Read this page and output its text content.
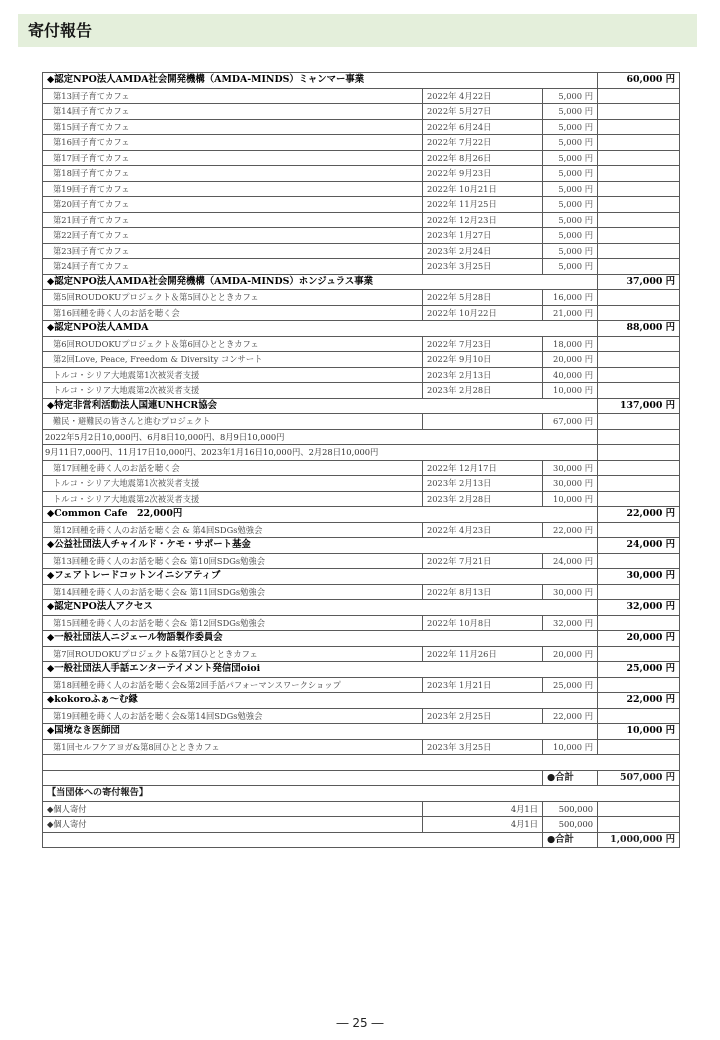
寄付報告
◆認定NPO法人AMDA社会開発機構（AMDA-MINDS）ミャンマー事業			60,000 円
第13回子育てカフェ	2022年 4月22日	5,000 円	
第14回子育てカフェ	2022年 5月27日	5,000 円	
第15回子育てカフェ	2022年 6月24日	5,000 円	
第16回子育てカフェ	2022年 7月22日	5,000 円	
第17回子育てカフェ	2022年 8月26日	5,000 円	
第18回子育てカフェ	2022年 9月23日	5,000 円	
第19回子育てカフェ	2022年 10月21日	5,000 円	
第20回子育てカフェ	2022年 11月25日	5,000 円	
第21回子育てカフェ	2022年 12月23日	5,000 円	
第22回子育てカフェ	2023年 1月27日	5,000 円	
第23回子育てカフェ	2023年 2月24日	5,000 円	
第24回子育てカフェ	2023年 3月25日	5,000 円	
◆認定NPO法人AMDA社会開発機構（AMDA-MINDS）ホンジュラス事業			37,000 円
第5回ROUDOKUプロジェクト＆第5回ひとときカフェ	2022年 5月28日	16,000 円	
第16回種を蒔く人のお話を聴く会	2022年 10月22日	21,000 円	
◆認定NPO法人AMDA			88,000 円
第6回ROUDOKUプロジェクト＆第6回ひとときカフェ	2022年 7月23日	18,000 円	
第2回Love, Peace, Freedom & Diversity コンサート	2022年 9月10日	20,000 円	
トルコ・シリア大地震第1次被災者支援	2023年 2月13日	40,000 円	
トルコ・シリア大地震第2次被災者支援	2023年 2月28日	10,000 円	
◆特定非営利活動法人国連UNHCR協会			137,000 円
難民・避難民の皆さんと進むプロジェクト		67,000 円	
2022年5月2日10,000円、6月8日10,000円、8月9日10,000円			
9月11日7,000円、11月17日10,000円、2023年1月16日10,000円、2月28日10,000円			
第17回種を蒔く人のお話を聴く会	2022年 12月17日	30,000 円	
トルコ・シリア大地震第1次被災者支援	2023年 2月13日	30,000 円	
トルコ・シリア大地震第2次被災者支援	2023年 2月28日	10,000 円	
◆Common Cafe　22,000円			22,000 円
第12回種を蒔く人のお話を聴く会 & 第4回SDGs勉強会	2022年 4月23日	22,000 円	
◆公益社団法人チャイルド・ケモ・サポート基金			24,000 円
第13回種を蒔く人のお話を聴く会& 第10回SDGs勉強会	2022年 7月21日	24,000 円	
◆フェアトレードコットンイニシアティブ			30,000 円
第14回種を蒔く人のお話を聴く会& 第11回SDGs勉強会	2022年 8月13日	30,000 円	
◆認定NPO法人アクセス			32,000 円
第15回種を蒔く人のお話を聴く会& 第12回SDGs勉強会	2022年 10月8日	32,000 円	
◆一般社団法人ニジェール物語製作委員会			20,000 円
第7回ROUDOKUプロジェクト&第7回ひとときカフェ	2022年 11月26日	20,000 円	
◆一般社団法人手話エンターテイメント発信団oioi			25,000 円
第18回種を蒔く人のお話を聴く会&第2回手話パフォーマンスワークショップ	2023年 1月21日	25,000 円	
◆kokoroふぁ～む縁			22,000 円
第19回種を蒔く人のお話を聴く会&第14回SDGs勉強会	2023年 2月25日	22,000 円	
◆国境なき医師団			10,000 円
第1回セルフケアヨガ&第8回ひとときカフェ	2023年 3月25日	10,000 円	

		●合計	507,000 円
【当団体への寄付報告】			
◆個人寄付	4月1日	500,000	
◆個人寄付	4月1日	500,000	
		●合計	1,000,000 円
― 25 ―
